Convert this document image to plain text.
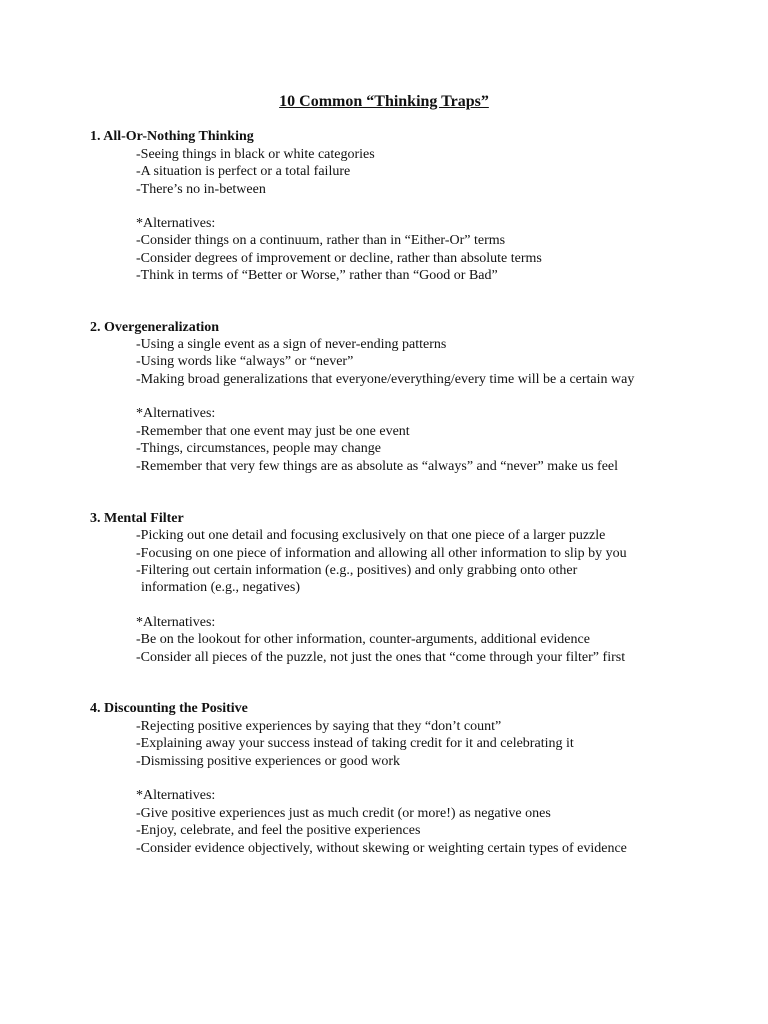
10 Common “Thinking Traps”
1. All-Or-Nothing Thinking
-Seeing things in black or white categories
-A situation is perfect or a total failure
-There’s no in-between
*Alternatives:
-Consider things on a continuum, rather than in “Either-Or” terms
-Consider degrees of improvement or decline, rather than absolute terms
-Think in terms of “Better or Worse,” rather than “Good or Bad”
2. Overgeneralization
-Using a single event as a sign of never-ending patterns
-Using words like “always” or “never”
-Making broad generalizations that everyone/everything/every time will be a certain way
*Alternatives:
-Remember that one event may just be one event
-Things, circumstances, people may change
-Remember that very few things are as absolute as “always” and “never” make us feel
3. Mental Filter
-Picking out one detail and focusing exclusively on that one piece of a larger puzzle
-Focusing on one piece of information and allowing all other information to slip by you
-Filtering out certain information (e.g., positives) and only grabbing onto other
information (e.g., negatives)
*Alternatives:
-Be on the lookout for other information, counter-arguments, additional evidence
-Consider all pieces of the puzzle, not just the ones that “come through your filter” first
4. Discounting the Positive
-Rejecting positive experiences by saying that they “don’t count”
-Explaining away your success instead of taking credit for it and celebrating it
-Dismissing positive experiences or good work
*Alternatives:
-Give positive experiences just as much credit (or more!) as negative ones
-Enjoy, celebrate, and feel the positive experiences
-Consider evidence objectively, without skewing or weighting certain types of evidence
